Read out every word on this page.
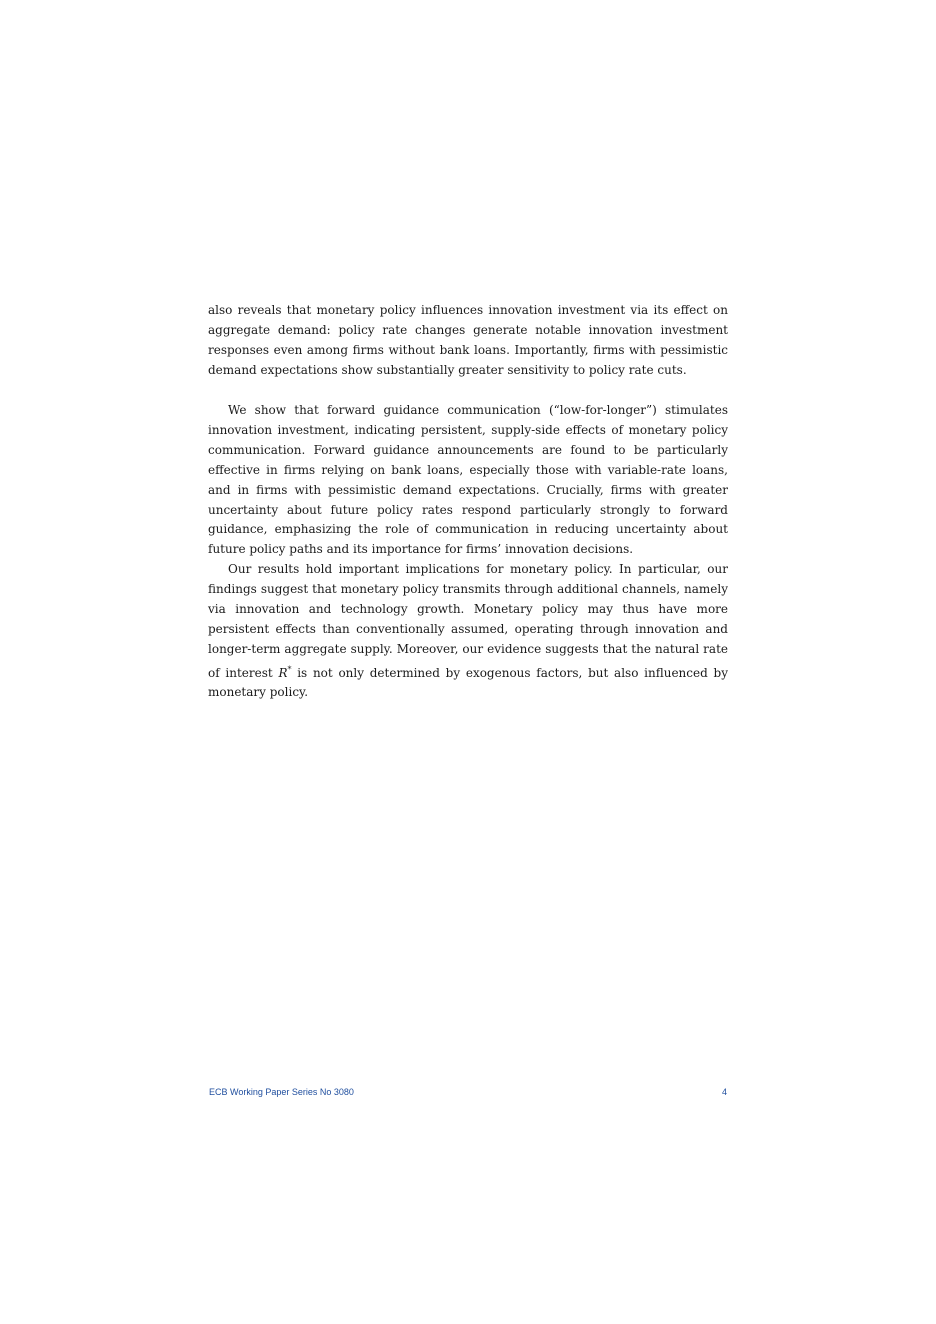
also reveals that monetary policy influences innovation investment via its effect on aggregate demand: policy rate changes generate notable innovation investment responses even among firms without bank loans. Importantly, firms with pessimistic demand expectations show substantially greater sensitivity to policy rate cuts.

We show that forward guidance communication (“low-for-longer”) stimulates innovation investment, indicating persistent, supply-side effects of monetary policy communication. Forward guidance announcements are found to be particularly effective in firms relying on bank loans, especially those with variable-rate loans, and in firms with pessimistic demand expectations. Crucially, firms with greater uncertainty about future policy rates respond particularly strongly to forward guidance, emphasizing the role of communication in reducing uncertainty about future policy paths and its importance for firms’ innovation decisions.

Our results hold important implications for monetary policy. In particular, our findings suggest that monetary policy transmits through additional channels, namely via innovation and technology growth. Monetary policy may thus have more persistent effects than conventionally assumed, operating through innovation and longer-term aggregate supply. Moreover, our evidence suggests that the natural rate of interest R* is not only determined by exogenous factors, but also influenced by monetary policy.

ECB Working Paper Series No 3080	4
